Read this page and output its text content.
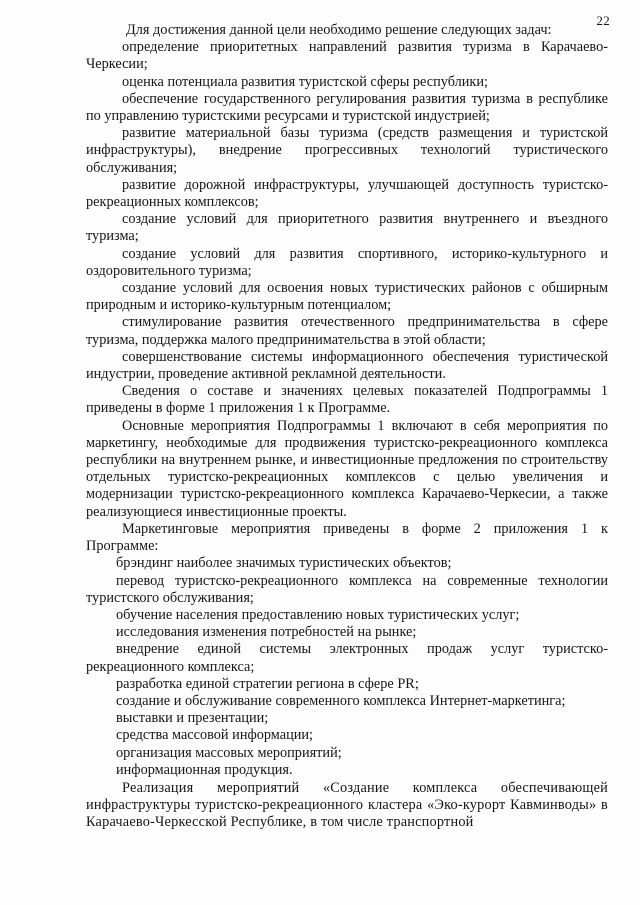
22

Для достижения данной цели необходимо решение следующих задач:

определение приоритетных направлений развития туризма в Карачаево-Черкесии;

оценка потенциала развития туристской сферы республики;

обеспечение государственного регулирования развития туризма в республике по управлению туристскими ресурсами и туристской индустрией;

развитие материальной базы туризма (средств размещения и туристской инфраструктуры), внедрение прогрессивных технологий туристического обслуживания;

развитие дорожной инфраструктуры, улучшающей доступность туристско-рекреационных комплексов;

создание условий для приоритетного развития внутреннего и въездного туризма;

создание условий для развития спортивного, историко-культурного и оздоровительного туризма;

создание условий для освоения новых туристических районов с обширным природным и историко-культурным потенциалом;

стимулирование развития отечественного предпринимательства в сфере туризма, поддержка малого предпринимательства в этой области;

совершенствование системы информационного обеспечения туристической индустрии, проведение активной рекламной деятельности.

Сведения о составе и значениях целевых показателей Подпрограммы 1 приведены в форме 1 приложения 1 к Программе.

Основные мероприятия Подпрограммы 1 включают в себя мероприятия по маркетингу, необходимые для продвижения туристско-рекреационного комплекса республики на внутреннем рынке, и инвестиционные предложения по строительству отдельных туристско-рекреационных комплексов с целью увеличения и модернизации туристско-рекреационного комплекса Карачаево-Черкесии, а также реализующиеся инвестиционные проекты.

Маркетинговые мероприятия приведены в форме 2 приложения 1 к Программе:

брэндинг наиболее значимых туристических объектов;

перевод туристско-рекреационного комплекса на современные технологии туристского обслуживания;

обучение населения предоставлению новых туристических услуг;

исследования изменения потребностей на рынке;

внедрение единой системы электронных продаж услуг туристско-рекреационного комплекса;

разработка единой стратегии региона в сфере PR;

создание и обслуживание современного комплекса Интернет-маркетинга;

выставки и презентации;

средства массовой информации;

организация массовых мероприятий;

информационная продукция.

Реализация мероприятий «Создание комплекса обеспечивающей инфраструктуры туристско-рекреационного кластера «Эко-курорт Кавминводы» в Карачаево-Черкесской Республике, в том числе транспортной
